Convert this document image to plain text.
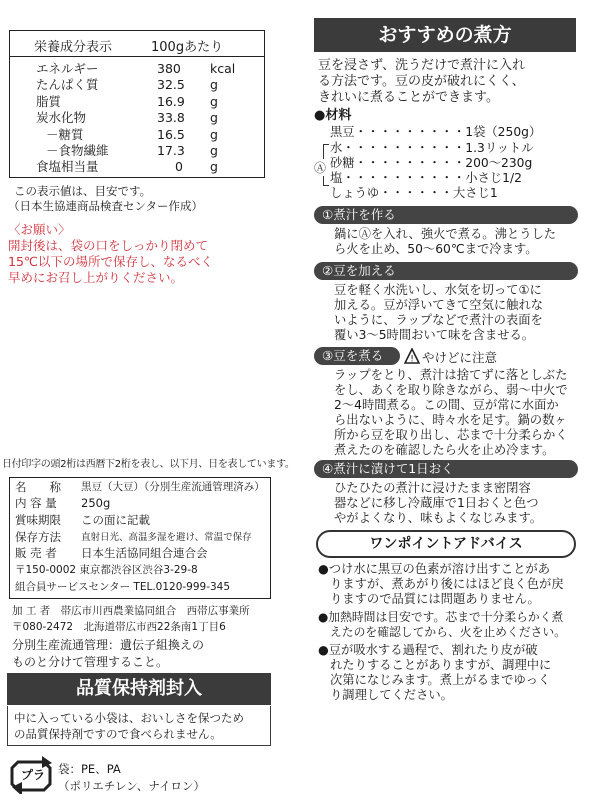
栄養成分表示	100gあたり
エネルギー	380 kcal
たんぱく質	32.5 g
脂質	16.9 g
炭水化物	33.8 g
－糖質	16.5 g
－食物繊維	17.3 g
食塩相当量	0 g
この表示値は、目安です。
（日本生協連商品検査センター作成）
〈お願い〉
開封後は、袋の口をしっかり閉めて
15℃以下の場所で保存し、なるべく
早めにお召し上がりください。
日付印字の頭2桁は西暦下2桁を表し、以下月、日を表しています。
名　　称 黒豆（大豆）（分別生産流通管理済み）
内 容 量 250g
賞味期限 この面に記載
保存方法 直射日光、高温多湿を避け、常温で保存
販 売 者 日本生活協同組合連合会
〒150-0002 東京都渋谷区渋谷3-29-8
組合員サービスセンター TEL.0120-999-345
加 工 者　帯広市川西農業協同組合　西帯広事業所
〒080-2472　北海道帯広市西22条南1丁目6
分別生産流通管理：遺伝子組換えの
ものと分けて管理すること。
品質保持剤封入
中に入っている小袋は、おいしさを保つため
の品質保持剤ですので食べられません。
プラ 袋：PE、PA
（ポリエチレン、ナイロン）
おすすめの煮方
豆を浸さず、洗うだけで煮汁に入れ
る方法です。豆の皮が破れにくく、
きれいに煮ることができます。
●材料
黒豆・・・・・・・・・1袋（250g）
水・・・・・・・・・・1.3リットル
砂糖・・・・・・・・・200～230g
塩・・・・・・・・・・小さじ1/2
しょうゆ・・・・・・大さじ1
Ⓐ
①煮汁を作る
鍋にⒶを入れ、強火で煮る。沸とうした
ら火を止め、50～60℃まで冷ます。
②豆を加える
豆を軽く水洗いし、水気を切って①に
加える。豆が浮いてきて空気に触れな
いように、ラップなどで煮汁の表面を
覆い3～5時間おいて味を含ませる。
③豆を煮る	! やけどに注意
ラップをとり、煮汁は捨てずに落としぶた
をし、あくを取り除きながら、弱～中火で
2～4時間煮る。この間、豆が常に水面か
ら出ないように、時々水を足す。鍋の数ヶ
所から豆を取り出し、芯まで十分柔らかく
煮えたのを確認したら火を止め冷ます。
④煮汁に漬けて1日おく
ひたひたの煮汁に浸けたまま密閉容
器などに移し冷蔵庫で1日おくと色つ
やがよくなり、味もよくなじみます。
ワンポイントアドバイス
●つけ水に黒豆の色素が溶け出すことがあ
りますが、煮あがり後にはほど良く色が戻
りますので品質には問題ありません。
●加熱時間は目安です。芯まで十分柔らかく煮
えたのを確認してから、火を止めください。
●豆が吸水する過程で、割れたり皮が破
れたりすることがありますが、調理中に
次第になじみます。煮上がるまでゆっく
り調理してください。
